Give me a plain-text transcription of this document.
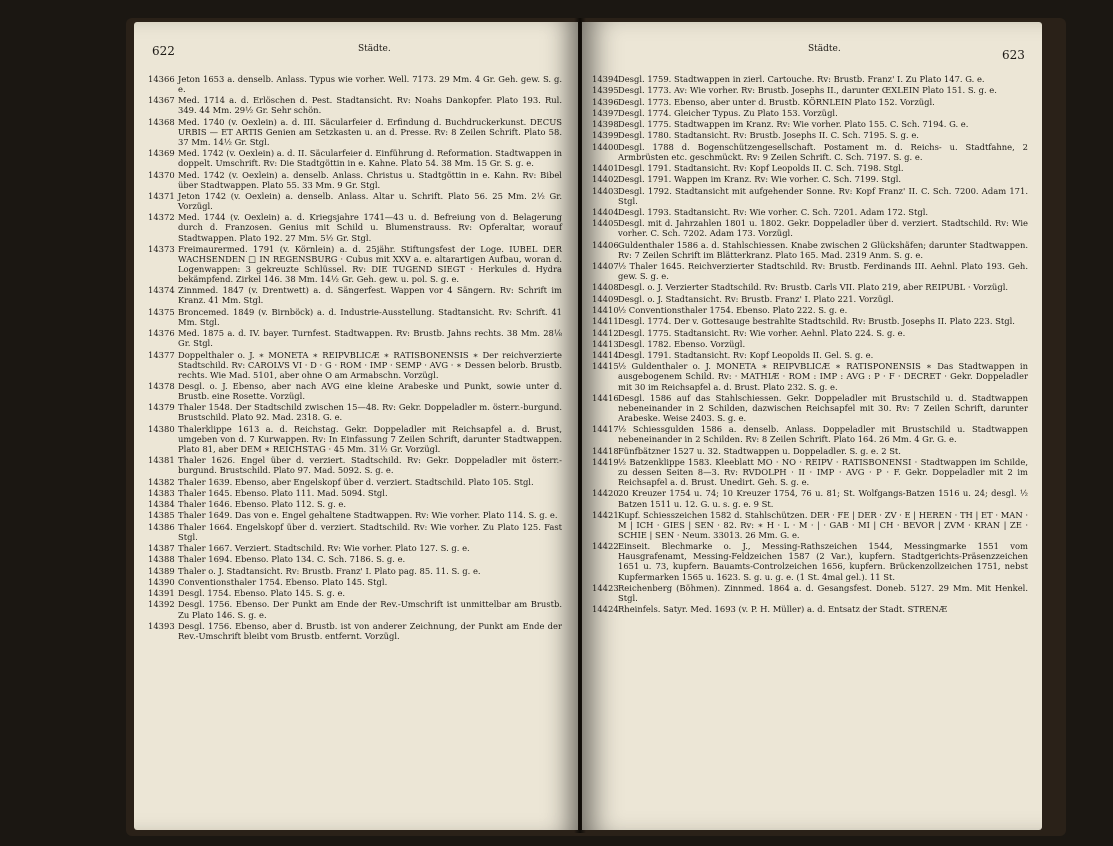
622	Städte.
14366 Jeton 1653 a. denselb. Anlass. Typus wie vorher. Well. 7173. 29 Mm. 4 Gr. Geh. gew. S. g. e.
14367 Med. 1714 a. d. Erlöschen d. Pest. Stadtansicht. Rv: Noahs Dankopfer. Plato 193. Rul. 349. 44 Mm. 29½ Gr. Sehr schön.
14368 Med. 1740 (v. Oexlein) a. d. III. Säcularfeier d. Erfindung d. Buchdruckerkunst. DECUS URBIS — ET ARTIS Genien am Setzkasten u. an d. Presse. Rv: 8 Zeilen Schrift. Plato 58. 37 Mm. 14½ Gr. Stgl.
14369 Med. 1742 (v. Oexlein) a. d. II. Säcularfeier d. Einführung d. Reformation. Stadtwappen in doppelt. Umschrift. Rv: Die Stadtgöttin in e. Kahne. Plato 54. 38 Mm. 15 Gr. S. g. e.
14370 Med. 1742 (v. Oexlein) a. denselb. Anlass. Christus u. Stadtgöttin in e. Kahn. Rv: Bibel über Stadtwappen. Plato 55. 33 Mm. 9 Gr. Stgl.
14371 Jeton 1742 (v. Oexlein) a. denselb. Anlass. Altar u. Schrift. Plato 56. 25 Mm. 2½ Gr. Vorzügl.
14372 Med. 1744 (v. Oexlein) a. d. Kriegsjahre 1741—43 u. d. Befreiung von d. Belagerung durch d. Franzosen. Genius mit Schild u. Blumenstrauss. Rv: Opferaltar, worauf Stadtwappen. Plato 192. 27 Mm. 5½ Gr. Stgl.
14373 Freimaurermed. 1791 (v. Körnlein) a. d. 25jähr. Stiftungsfest der Loge. IUBEL DER WACHSENDEN □ IN REGENSBURG · Cubus mit XXV a. e. altarartigen Aufbau, woran d. Logenwappen: 3 gekreuzte Schlüssel. Rv: DIE TUGEND SIEGT · Herkules d. Hydra bekämpfend. Zirkel 146. 38 Mm. 14½ Gr. Geh. gew. u. pol. S. g. e.
14374 Zinnmed. 1847 (v. Drentwett) a. d. Sängerfest. Wappen vor 4 Sängern. Rv: Schrift im Kranz. 41 Mm. Stgl.
14375 Broncemed. 1849 (v. Birnböck) a. d. Industrie-Ausstellung. Stadtansicht. Rv: Schrift. 41 Mm. Stgl.
14376 Med. 1875 a. d. IV. bayer. Turnfest. Stadtwappen. Rv: Brustb. Jahns rechts. 38 Mm. 28⅛ Gr. Stgl.
14377 Doppelthaler o. J. ∗ MONETA ∗ REIPVBLICÆ ∗ RATISBONENSIS ∗ Der reichverzierte Stadtschild. Rv: CAROLVS VI · D · G · ROM · IMP · SEMP · AVG · ∗ Dessen belorb. Brustb. rechts. Wie Mad. 5101, aber ohne O am Armabschn. Vorzügl.
14378 Desgl. o. J. Ebenso, aber nach AVG eine kleine Arabeske und Punkt, sowie unter d. Brustb. eine Rosette. Vorzügl.
14379 Thaler 1548. Der Stadtschild zwischen 15—48. Rv: Gekr. Doppeladler m. österr.-burgund. Brustschild. Plato 92. Mad. 2318. G. e.
14380 Thalerklippe 1613 a. d. Reichstag. Gekr. Doppeladler mit Reichsapfel a. d. Brust, umgeben von d. 7 Kurwappen. Rv: In Einfassung 7 Zeilen Schrift, darunter Stadtwappen. Plato 81, aber DEM ∗ REICHSTAG · 45 Mm. 31½ Gr. Vorzügl.
14381 Thaler 1626. Engel über d. verziert. Stadtschild. Rv: Gekr. Doppeladler mit österr.-burgund. Brustschild. Plato 97. Mad. 5092. S. g. e.
14382 Thaler 1639. Ebenso, aber Engelskopf über d. verziert. Stadtschild. Plato 105. Stgl.
14383 Thaler 1645. Ebenso. Plato 111. Mad. 5094. Stgl.
14384 Thaler 1646. Ebenso. Plato 112. S. g. e.
14385 Thaler 1649. Das von e. Engel gehaltene Stadtwappen. Rv: Wie vorher. Plato 114. S. g. e.
14386 Thaler 1664. Engelskopf über d. verziert. Stadtschild. Rv: Wie vorher. Zu Plato 125. Fast Stgl.
14387 Thaler 1667. Verziert. Stadtschild. Rv: Wie vorher. Plato 127. S. g. e.
14388 Thaler 1694. Ebenso. Plato 134. C. Sch. 7186. S. g. e.
14389 Thaler o. J. Stadtansicht. Rv: Brustb. Franz' I. Plato pag. 85. 11. S. g. e.
14390 Conventionsthaler 1754. Ebenso. Plato 145. Stgl.
14391 Desgl. 1754. Ebenso. Plato 145. S. g. e.
14392 Desgl. 1756. Ebenso. Der Punkt am Ende der Rev.-Umschrift ist unmittelbar am Brustb. Zu Plato 146. S. g. e.
14393 Desgl. 1756. Ebenso, aber d. Brustb. ist von anderer Zeichnung, der Punkt am Ende der Rev.-Umschrift bleibt vom Brustb. entfernt. Vorzügl.
Städte.	623
14394 Desgl. 1759. Stadtwappen in zierl. Cartouche. Rv: Brustb. Franz' I. Zu Plato 147. G. e.
14395 Desgl. 1773. Av: Wie vorher. Rv: Brustb. Josephs II., darunter ŒXLEIN Plato 151. S. g. e.
14396 Desgl. 1773. Ebenso, aber unter d. Brustb. KÖRNLEIN Plato 152. Vorzügl.
14397 Desgl. 1774. Gleicher Typus. Zu Plato 153. Vorzügl.
14398 Desgl. 1775. Stadtwappen im Kranz. Rv: Wie vorher. Plato 155. C. Sch. 7194. G. e.
14399 Desgl. 1780. Stadtansicht. Rv: Brustb. Josephs II. C. Sch. 7195. S. g. e.
14400 Desgl. 1788 d. Bogenschützengesellschaft. Postament m. d. Reichs- u. Stadtfahne, 2 Armbrüsten etc. geschmückt. Rv: 9 Zeilen Schrift. C. Sch. 7197. S. g. e.
14401 Desgl. 1791. Stadtansicht. Rv: Kopf Leopolds II. C. Sch. 7198. Stgl.
14402 Desgl. 1791. Wappen im Kranz. Rv: Wie vorher. C. Sch. 7199. Stgl.
14403 Desgl. 1792. Stadtansicht mit aufgehender Sonne. Rv: Kopf Franz' II. C. Sch. 7200. Adam 171. Stgl.
14404 Desgl. 1793. Stadtansicht. Rv: Wie vorher. C. Sch. 7201. Adam 172. Stgl.
14405 Desgl. mit d. Jahrzahlen 1801 u. 1802. Gekr. Doppeladler über d. verziert. Stadtschild. Rv: Wie vorher. C. Sch. 7202. Adam 173. Vorzügl.
14406 Guldenthaler 1586 a. d. Stahlschiessen. Knabe zwischen 2 Glückshäfen; darunter Stadtwappen. Rv: 7 Zeilen Schrift im Blätterkranz. Plato 165. Mad. 2319 Anm. S. g. e.
14407 ½ Thaler 1645. Reichverzierter Stadtschild. Rv: Brustb. Ferdinands III. Aehnl. Plato 193. Geh. gew. S. g. e.
14408 Desgl. o. J. Verzierter Stadtschild. Rv: Brustb. Carls VII. Plato 219, aber REIPUBL · Vorzügl.
14409 Desgl. o. J. Stadtansicht. Rv: Brustb. Franz' I. Plato 221. Vorzügl.
14410 ½ Conventionsthaler 1754. Ebenso. Plato 222. S. g. e.
14411 Desgl. 1774. Der v. Gottesauge bestrahlte Stadtschild. Rv: Brustb. Josephs II. Plato 223. Stgl.
14412 Desgl. 1775. Stadtansicht. Rv: Wie vorher. Aehnl. Plato 224. S. g. e.
14413 Desgl. 1782. Ebenso. Vorzügl.
14414 Desgl. 1791. Stadtansicht. Rv: Kopf Leopolds II. Gel. S. g. e.
14415 ½ Guldenthaler o. J. MONETA ∗ REIPVBLICÆ ∗ RATISPONENSIS ∗ Das Stadtwappen in ausgebogenem Schild. Rv: · MATHIÆ · ROM : IMP : AVG : P · F · DECRET · Gekr. Doppeladler mit 30 im Reichsapfel a. d. Brust. Plato 232. S. g. e.
14416 Desgl. 1586 auf das Stahlschiessen. Gekr. Doppeladler mit Brustschild u. d. Stadtwappen nebeneinander in 2 Schilden, dazwischen Reichsapfel mit 30. Rv: 7 Zeilen Schrift, darunter Arabeske. Weise 2403. S. g. e.
14417 ½ Schiessgulden 1586 a. denselb. Anlass. Doppeladler mit Brustschild u. Stadtwappen nebeneinander in 2 Schilden. Rv: 8 Zeilen Schrift. Plato 164. 26 Mm. 4 Gr. G. e.
14418 Fünfbätzner 1527 u. 32. Stadtwappen u. Doppeladler. S. g. e. 2 St.
14419 ½ Batzenklippe 1583. Kleeblatt MO · NO · REIPV · RATISBONENSI · Stadtwappen im Schilde, zu dessen Seiten 8—3. Rv: RVDOLPH · II · IMP · AVG · P · F. Gekr. Doppeladler mit 2 im Reichsapfel a. d. Brust. Unedirt. Geh. S. g. e.
14420 20 Kreuzer 1754 u. 74; 10 Kreuzer 1754, 76 u. 81; St. Wolfgangs-Batzen 1516 u. 24; desgl. ½ Batzen 1511 u. 12. G. u. s. g. e. 9 St.
14421 Kupf. Schiesszeichen 1582 d. Stahlschützen. DER · FE | DER · ZV · E | HEREN · TH | ET · MAN · M | ICH · GIES | SEN · 82. Rv: ∗ H · L · M · | · GAB · MI | CH · BEVOR | ZVM · KRAN | ZE · SCHIE | SEN · Neum. 33013. 26 Mm. G. e.
14422 Einseit. Blechmarke o. J., Messing-Rathszeichen 1544, Messingmarke 1551 vom Hausgrafenamt, Messing-Feldzeichen 1587 (2 Var.), kupfern. Stadtgerichts-Präsenzzeichen 1651 u. 73, kupfern. Bauamts-Controlzeichen 1656, kupfern. Brückenzollzeichen 1751, nebst Kupfermarken 1565 u. 1623. S. g. u. g. e. (1 St. 4mal gel.). 11 St.
14423 Reichenberg (Böhmen). Zinnmed. 1864 a. d. Gesangsfest. Doneb. 5127. 29 Mm. Mit Henkel. Stgl.
14424 Rheinfels. Satyr. Med. 1693 (v. P. H. Müller) a. d. Entsatz der Stadt. STRENÆ
